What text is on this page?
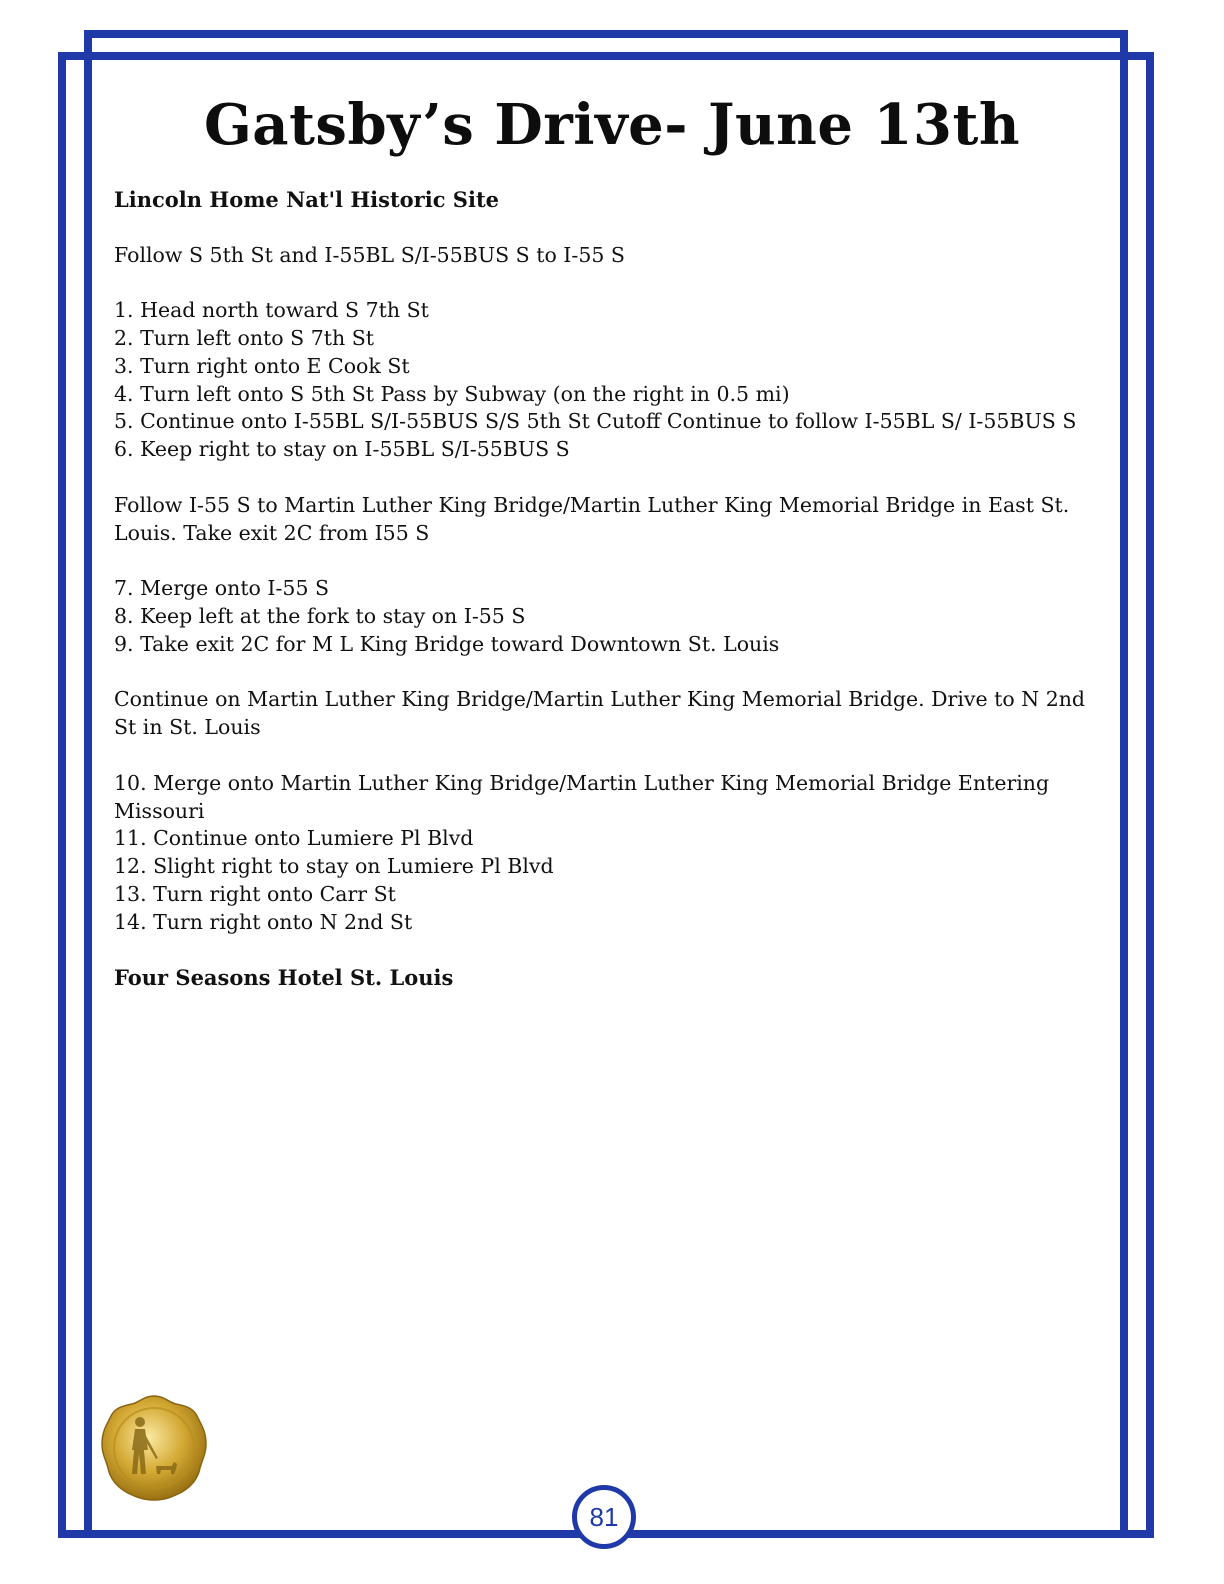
Gatsby’s Drive- June 13th

Lincoln Home Nat'l Historic Site

Follow S 5th St and I-55BL S/I-55BUS S to I-55 S

1. Head north toward S 7th St
2. Turn left onto S 7th St
3. Turn right onto E Cook St
4. Turn left onto S 5th St Pass by Subway (on the right in 0.5 mi)
5. Continue onto I-55BL S/I-55BUS S/S 5th St Cutoff Continue to follow I-55BL S/ I-55BUS S
6. Keep right to stay on I-55BL S/I-55BUS S

Follow I-55 S to Martin Luther King Bridge/Martin Luther King Memorial Bridge in East St. Louis. Take exit 2C from I55 S

7. Merge onto I-55 S
8. Keep left at the fork to stay on I-55 S
9. Take exit 2C for M L King Bridge toward Downtown St. Louis

Continue on Martin Luther King Bridge/Martin Luther King Memorial Bridge. Drive to N 2nd St in St. Louis

10. Merge onto Martin Luther King Bridge/Martin Luther King Memorial Bridge Entering Missouri
11. Continue onto Lumiere Pl Blvd
12. Slight right to stay on Lumiere Pl Blvd
13. Turn right onto Carr St
14. Turn right onto N 2nd St

Four Seasons Hotel St. Louis

81
